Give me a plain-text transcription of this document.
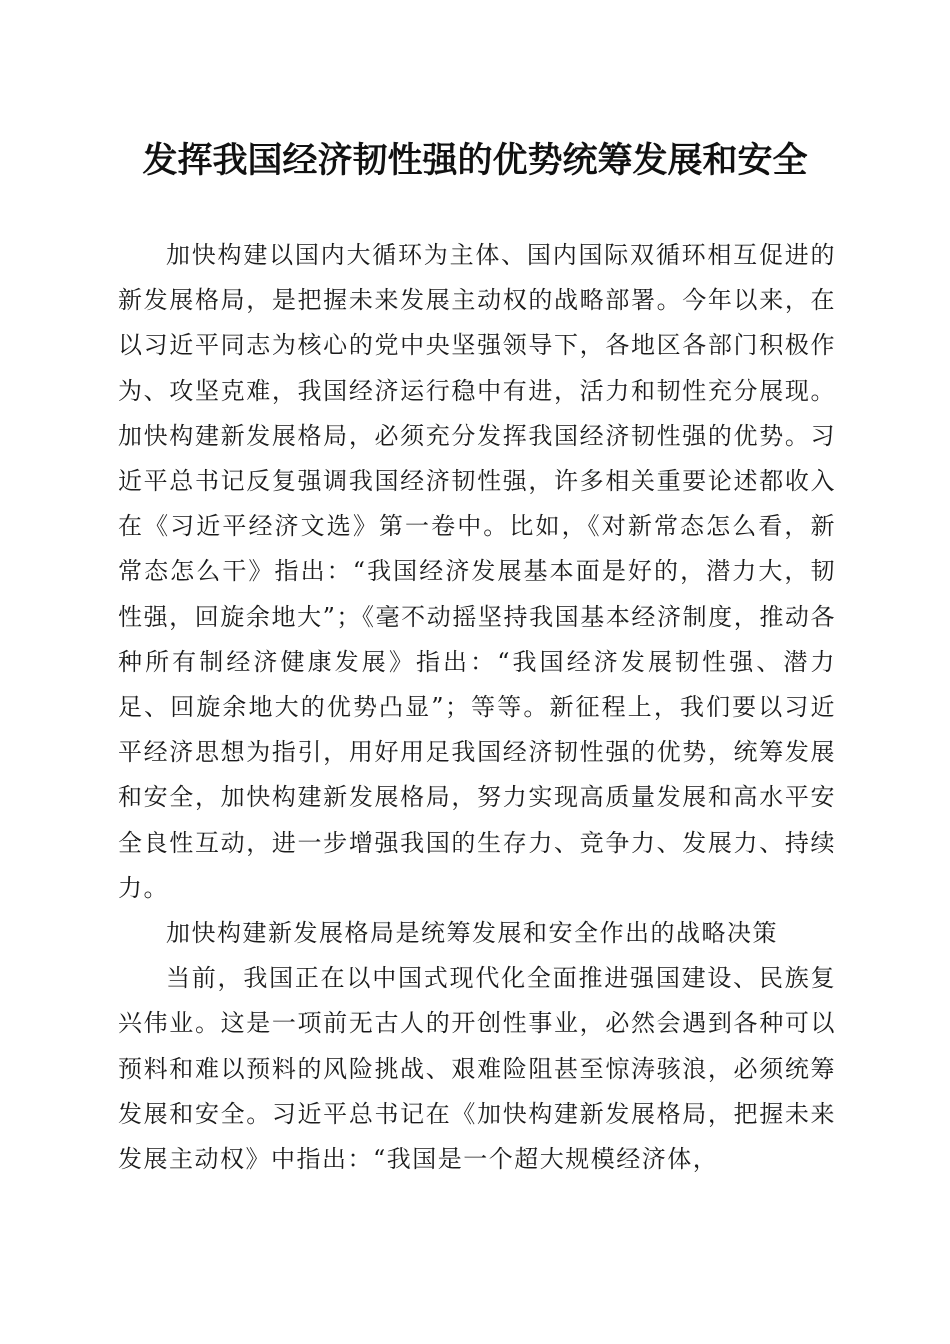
发挥我国经济韧性强的优势统筹发展和安全

加快构建以国内大循环为主体、国内国际双循环相互促进的新发展格局，是把握未来发展主动权的战略部署。今年以来，在以习近平同志为核心的党中央坚强领导下，各地区各部门积极作为、攻坚克难，我国经济运行稳中有进，活力和韧性充分展现。加快构建新发展格局，必须充分发挥我国经济韧性强的优势。习近平总书记反复强调我国经济韧性强，许多相关重要论述都收入在《习近平经济文选》第一卷中。比如，《对新常态怎么看，新常态怎么干》指出：“我国经济发展基本面是好的，潜力大，韧性强，回旋余地大”；《毫不动摇坚持我国基本经济制度，推动各种所有制经济健康发展》指出：“我国经济发展韧性强、潜力足、回旋余地大的优势凸显”；等等。新征程上，我们要以习近平经济思想为指引，用好用足我国经济韧性强的优势，统筹发展和安全，加快构建新发展格局，努力实现高质量发展和高水平安全良性互动，进一步增强我国的生存力、竞争力、发展力、持续力。

加快构建新发展格局是统筹发展和安全作出的战略决策

当前，我国正在以中国式现代化全面推进强国建设、民族复兴伟业。这是一项前无古人的开创性事业，必然会遇到各种可以预料和难以预料的风险挑战、艰难险阻甚至惊涛骇浪，必须统筹发展和安全。习近平总书记在《加快构建新发展格局，把握未来发展主动权》中指出：“我国是一个超大规模经济体，
